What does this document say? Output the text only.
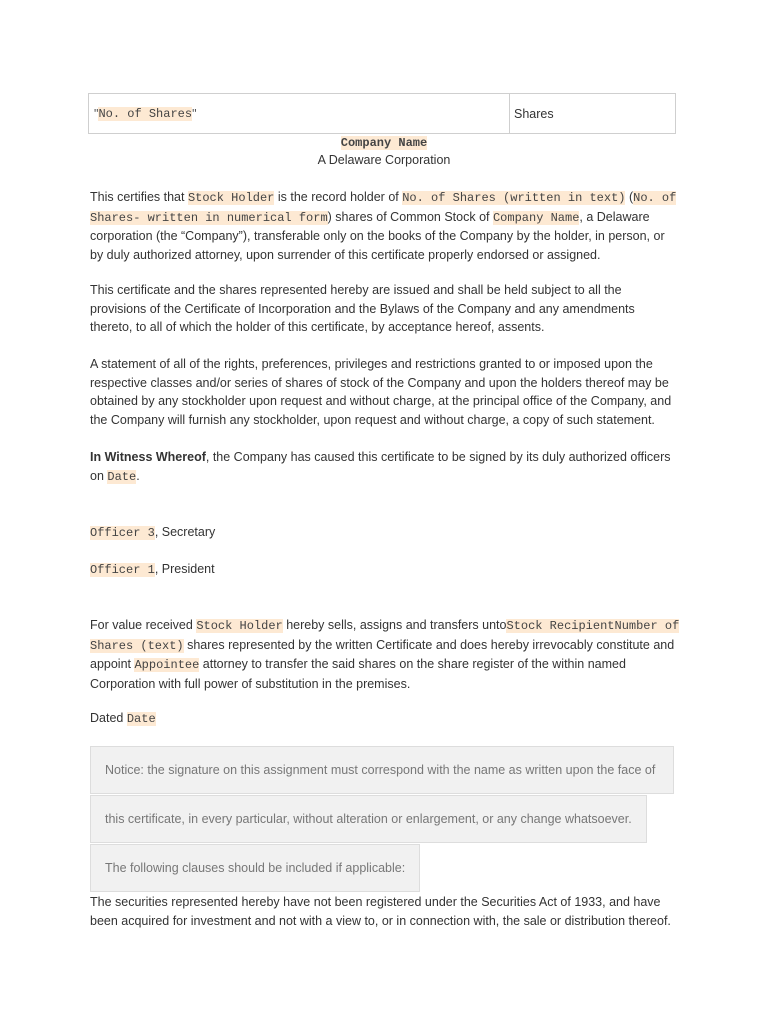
" No. of Shares "	Shares
Company Name
A Delaware Corporation

This certifies that Stock Holder is the record holder of No. of Shares (written in text) (No. of Shares- written in numerical form) shares of Common Stock of Company Name, a Delaware corporation (the “Company”), transferable only on the books of the Company by the holder, in person, or by duly authorized attorney, upon surrender of this certificate properly endorsed or assigned.

This certificate and the shares represented hereby are issued and shall be held subject to all the provisions of the Certificate of Incorporation and the Bylaws of the Company and any amendments thereto, to all of which the holder of this certificate, by acceptance hereof, assents.

A statement of all of the rights, preferences, privileges and restrictions granted to or imposed upon the respective classes and/or series of shares of stock of the Company and upon the holders thereof may be obtained by any stockholder upon request and without charge, at the principal office of the Company, and the Company will furnish any stockholder, upon request and without charge, a copy of such statement.

In Witness Whereof, the Company has caused this certificate to be signed by its duly authorized officers on Date.

Officer 3, Secretary

Officer 1, President

For value received Stock Holder hereby sells, assigns and transfers untoStock RecipientNumber of Shares (text) shares represented by the written Certificate and does hereby irrevocably constitute and appoint Appointee attorney to transfer the said shares on the share register of the within named Corporation with full power of substitution in the premises.

Dated Date

Notice: the signature on this assignment must correspond with the name as written upon the face of
this certificate, in every particular, without alteration or enlargement, or any change whatsoever.
The following clauses should be included if applicable:

The securities represented hereby have not been registered under the Securities Act of 1933, and have been acquired for investment and not with a view to, or in connection with, the sale or distribution thereof.
